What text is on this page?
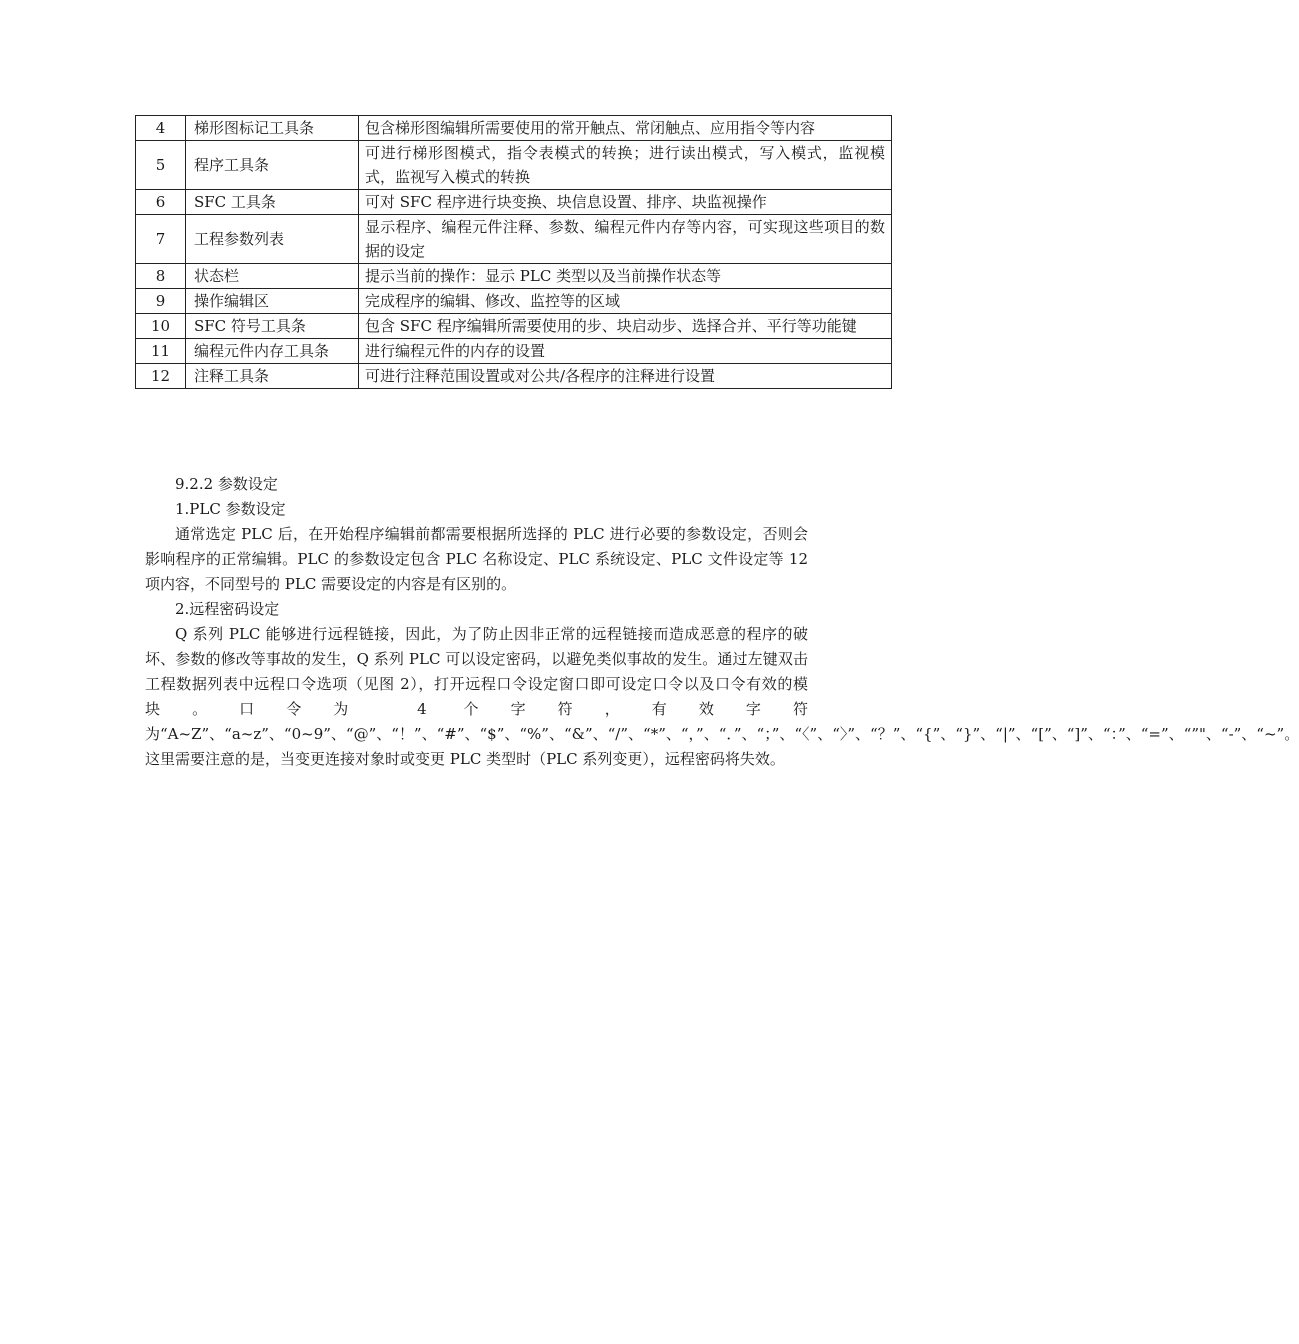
4	梯形图标记工具条	包含梯形图编辑所需要使用的常开触点、常闭触点、应用指令等内容
5	程序工具条	可进行梯形图模式，指令表模式的转换；进行读出模式，写入模式，监视模式，监视写入模式的转换
6	SFC 工具条	可对 SFC 程序进行块变换、块信息设置、排序、块监视操作
7	工程参数列表	显示程序、编程元件注释、参数、编程元件内存等内容，可实现这些项目的数据的设定
8	状态栏	提示当前的操作：显示 PLC 类型以及当前操作状态等
9	操作编辑区	完成程序的编辑、修改、监控等的区域
10	SFC 符号工具条	包含 SFC 程序编辑所需要使用的步、块启动步、选择合并、平行等功能键
11	编程元件内存工具条	进行编程元件的内存的设置
12	注释工具条	可进行注释范围设置或对公共/各程序的注释进行设置

9.2.2 参数设定

1.PLC 参数设定

通常选定 PLC 后，在开始程序编辑前都需要根据所选择的 PLC 进行必要的参数设定，否则会影响程序的正常编辑。PLC 的参数设定包含 PLC 名称设定、PLC 系统设定、PLC 文件设定等 12 项内容，不同型号的 PLC 需要设定的内容是有区别的。

2.远程密码设定

Q 系列 PLC 能够进行远程链接，因此，为了防止因非正常的远程链接而造成恶意的程序的破坏、参数的修改等事故的发生，Q 系列 PLC 可以设定密码，以避免类似事故的发生。通过左键双击工程数据列表中远程口令选项（见图 2），打开远程口令设定窗口即可设定口令以及口令有效的模块。口令为 4 个字符，有效字符为“A~Z”、“a~z”、“0~9”、“@”、“！”、“#”、“$”、“%”、“&”、“/”、“*”、“，”、“．”、“；”、“〈”、“〉”、“？”、“{”、“}”、“|”、“[”、“]”、“：”、“=”、“”"、“-”、“~”。这里需要注意的是，当变更连接对象时或变更 PLC 类型时（PLC 系列变更），远程密码将失效。
